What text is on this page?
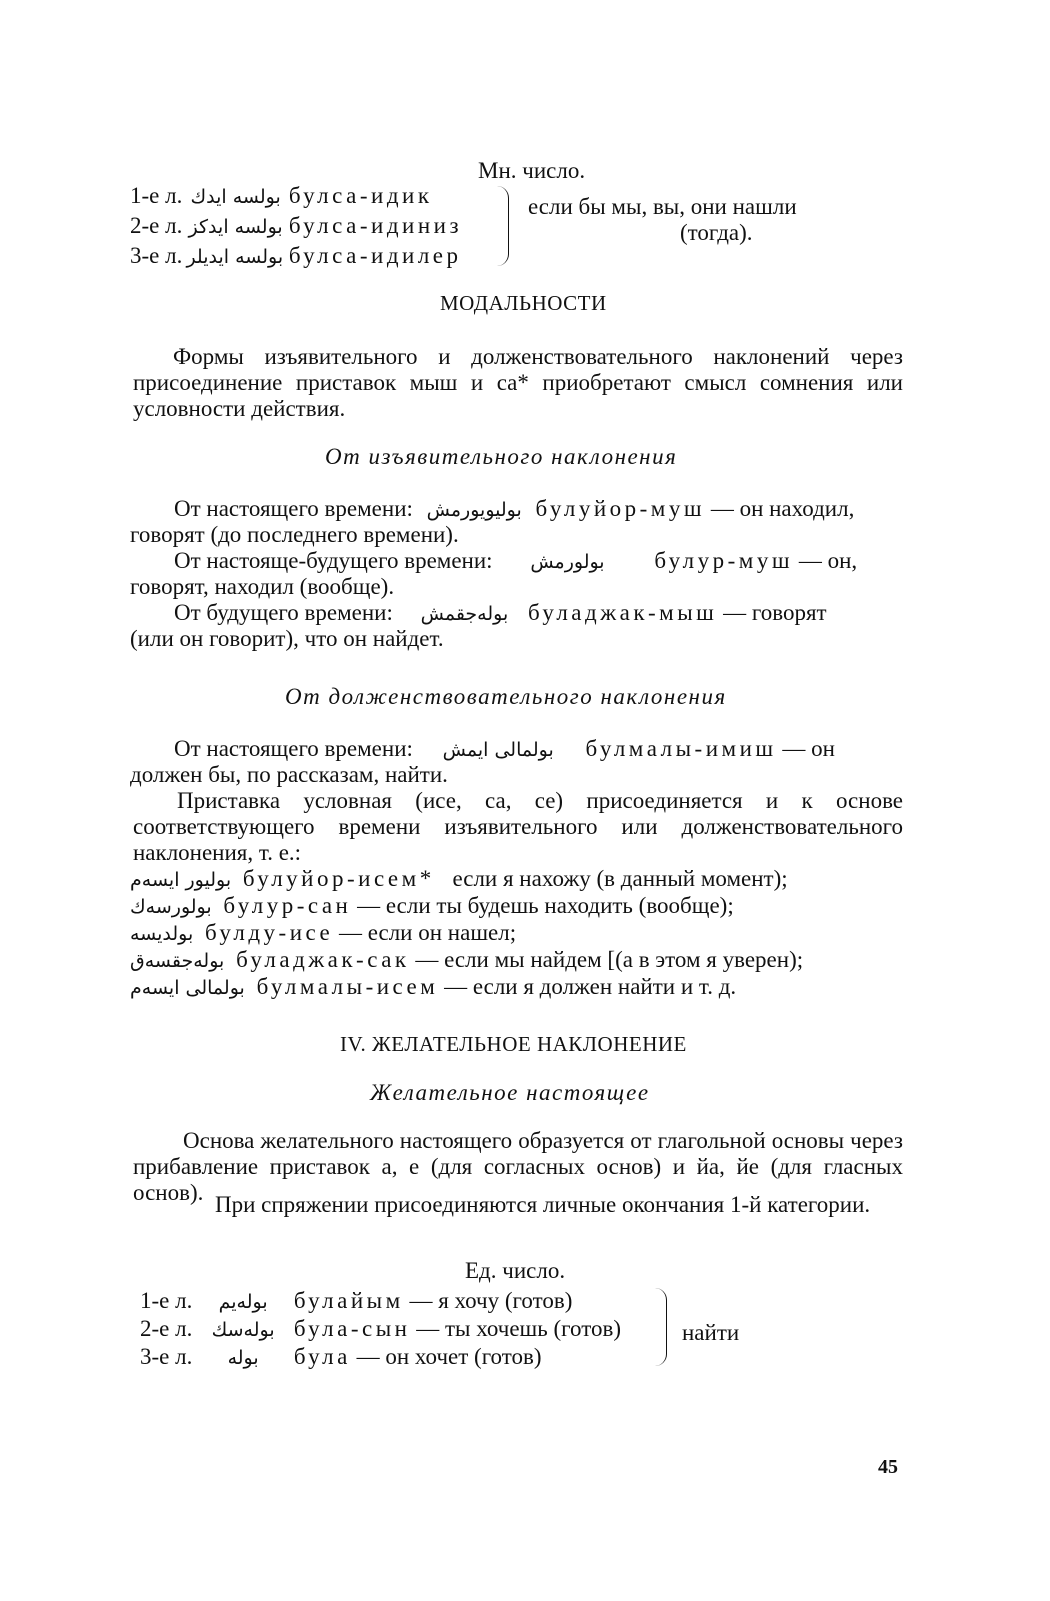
Мн. число.
1-е л. بولسه ایدك булса-идик
2-е л. بولسه ایدکز булса-идиниз
3-е л. بولسه ایدیلر булса-идилер
если бы мы, вы, они нашли
(тогда).
МОДАЛЬНОСТИ
Формы изъявительного и долженствовательного наклонений через присоединение приставок мыш и са* приобретают смысл сомнения или условности действия.
От изъявительного наклонения
От настоящего времени: بولیویورمش булуйор-муш — он находил,
говорят (до последнего времени).
От настояще-будущего времени: بولورمش булур-муш — он,
говорят, находил (вообще).
От будущего времени: بوله‌جقمش буладжак-мыш — говорят
(или он говорит), что он найдет.
От долженствовательного наклонения
От настоящего времени: بولمالی ایمش булмалы-имиш — он
должен бы, по рассказам, найти.
Приставка условная (исе, са, се) присоединяется и к основе соответствующего времени изъявительного или долженствовательного наклонения, т. е.:
بولیور ایسه‌م булуйор-исем* если я нахожу (в данный момент);
بولورسه‌ك булур-сан — если ты будешь находить (вообще);
بولدیسه булду-исе — если он нашел;
بوله‌جقسه‌ق буладжак-сак — если мы найдем [(а в этом я уверен);
بولمالی ایسه‌م булмалы-исем — если я должен найти и т. д.
IV. ЖЕЛАТЕЛЬНОЕ НАКЛОНЕНИЕ
Желательное настоящее
Основа желательного настоящего образуется от глагольной основы через прибавление приставок а, е (для согласных основ) и йа, йе (для гласных основ). При спряжении присоединяются личные окончания 1-й категории.
Ед. число.
1-е л. بوله‌یم булайым — я хочу (готов)
2-е л. بوله‌سك була-сын — ты хочешь (готов)
3-е л. بوله була — он хочет (готов)
найти
45
